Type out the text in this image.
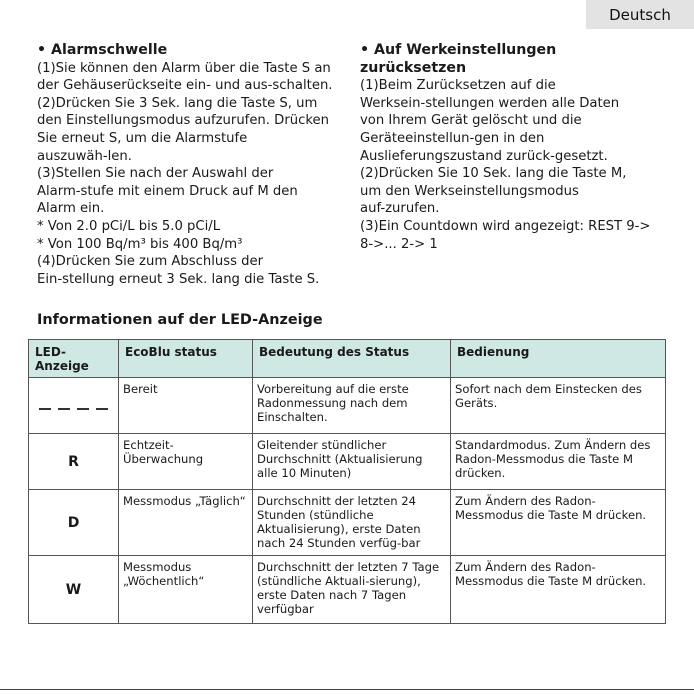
Deutsch

• Alarmschwelle

(1)Sie können den Alarm über die Taste S an

der Gehäuserückseite ein- und aus-schalten.

(2)Drücken Sie 3 Sek. lang die Taste S, um

den Einstellungsmodus aufzurufen. Drücken

Sie erneut S, um die Alarmstufe

auszuwäh-len.

(3)Stellen Sie nach der Auswahl der

Alarm-stufe mit einem Druck auf M den

Alarm ein.

* Von 2.0 pCi/L bis 5.0 pCi/L

* Von 100 Bq/m³ bis 400 Bq/m³

(4)Drücken Sie zum Abschluss der

Ein-stellung erneut 3 Sek. lang die Taste S.

• Auf Werkeinstellungen zurücksetzen

(1)Beim Zurücksetzen auf die

Werksein-stellungen werden alle Daten

von Ihrem Gerät gelöscht und die

Geräteeinstellun-gen in den

Auslieferungszustand zurück-gesetzt.

(2)Drücken Sie 10 Sek. lang die Taste M,

um den Werkseinstellungsmodus

auf-zurufen.

(3)Ein Countdown wird angezeigt: REST 9->

8->... 2-> 1

Informationen auf der LED-Anzeige
LED-Anzeige	EcoBlu status	Bedeutung des Status	Bedienung

	Bereit	Vorbereitung auf die erste Radonmessung nach dem Einschalten.	Sofort nach dem Einstecken des Geräts.
R	Echtzeit-Überwachung	Gleitender stündlicher Durchschnitt (Aktualisierung alle 10 Minuten)	Standardmodus. Zum Ändern des Radon-Messmodus die Taste M drücken.
D	Messmodus „Täglich“	Durchschnitt der letzten 24 Stunden (stündliche Aktualisierung), erste Daten nach 24 Stunden verfüg-bar	Zum Ändern des Radon-Messmodus die Taste M drücken.
W	Messmodus „Wöchentlich“	Durchschnitt der letzten 7 Tage (stündliche Aktuali-sierung), erste Daten nach 7 Tagen verfügbar	Zum Ändern des Radon-Messmodus die Taste M drücken.
